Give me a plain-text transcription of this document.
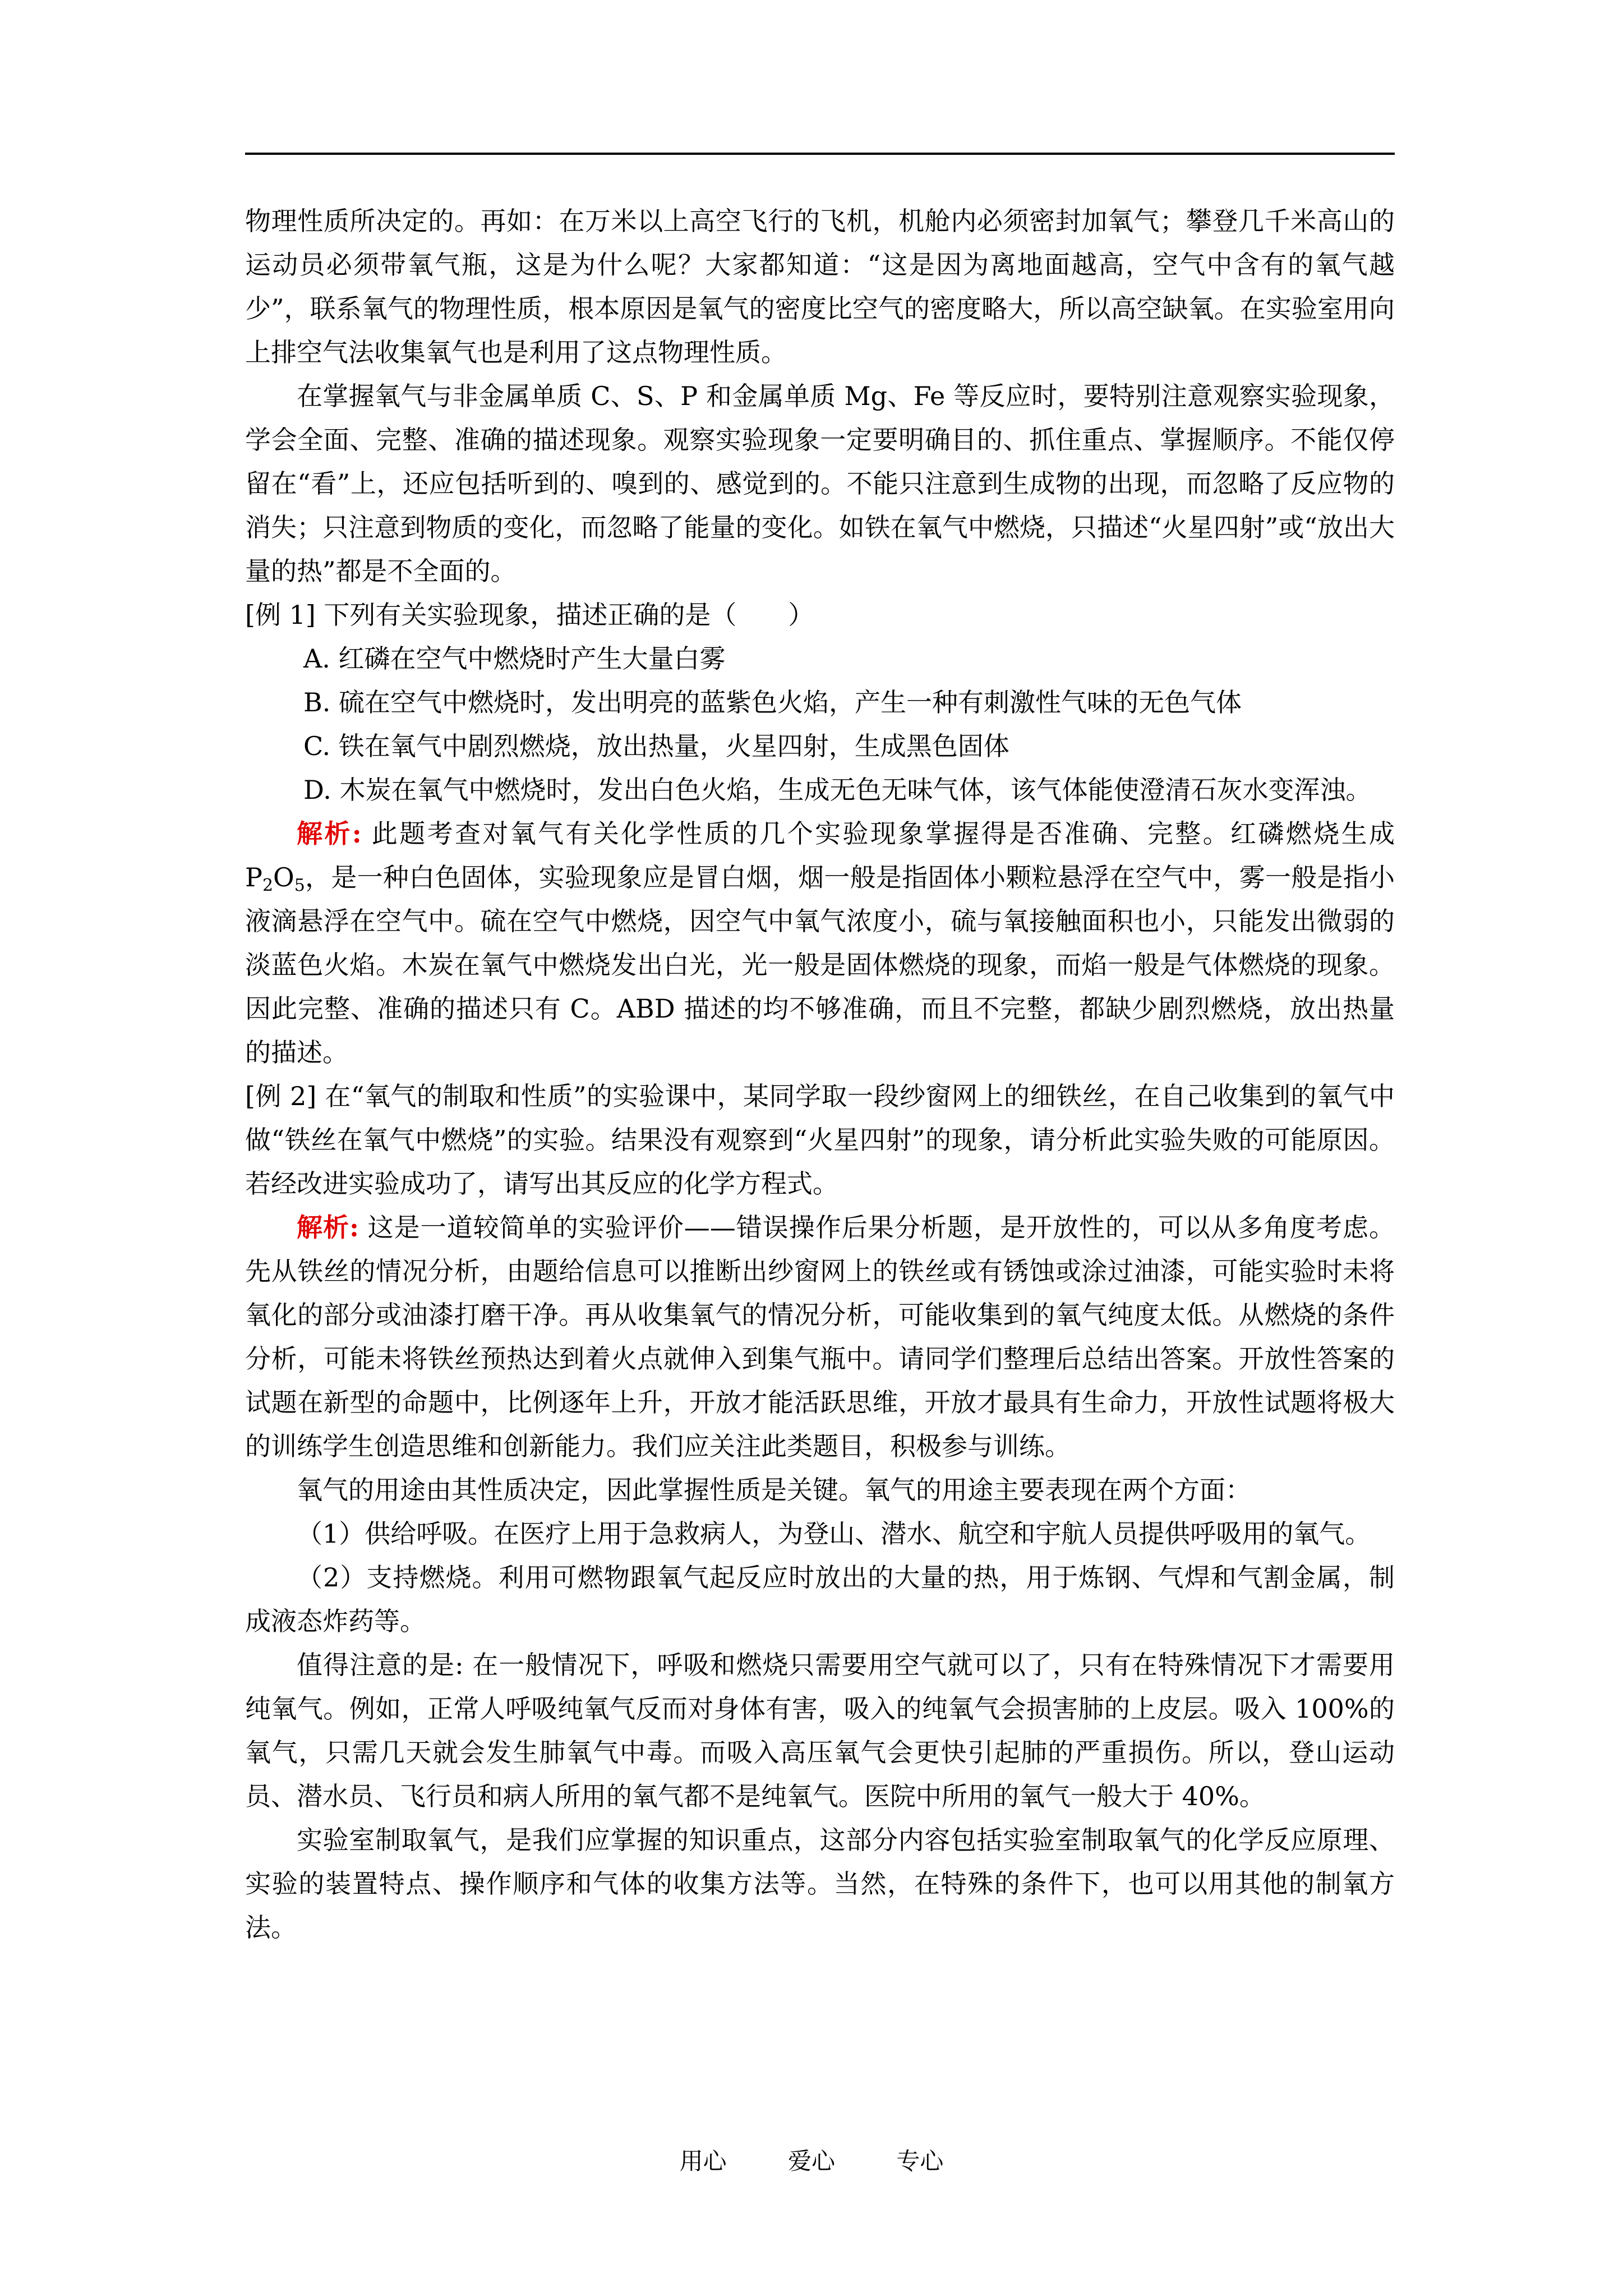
物理性质所决定的。再如：在万米以上高空飞行的飞机，机舱内必须密封加氧气；攀登几千米高山的运动员必须带氧气瓶，这是为什么呢？大家都知道：“这是因为离地面越高，空气中含有的氧气越少”，联系氧气的物理性质，根本原因是氧气的密度比空气的密度略大，所以高空缺氧。在实验室用向上排空气法收集氧气也是利用了这点物理性质。

在掌握氧气与非金属单质 C、S、P 和金属单质 Mg、Fe 等反应时，要特别注意观察实验现象，学会全面、完整、准确的描述现象。观察实验现象一定要明确目的、抓住重点、掌握顺序。不能仅停留在“看”上，还应包括听到的、嗅到的、感觉到的。不能只注意到生成物的出现，而忽略了反应物的消失；只注意到物质的变化，而忽略了能量的变化。如铁在氧气中燃烧，只描述“火星四射”或“放出大量的热”都是不全面的。

[例 1] 下列有关实验现象，描述正确的是（　　）

A. 红磷在空气中燃烧时产生大量白雾

B. 硫在空气中燃烧时，发出明亮的蓝紫色火焰，产生一种有刺激性气味的无色气体

C. 铁在氧气中剧烈燃烧，放出热量，火星四射，生成黑色固体

D. 木炭在氧气中燃烧时，发出白色火焰，生成无色无味气体，该气体能使澄清石灰水变浑浊。

解析: 此题考查对氧气有关化学性质的几个实验现象掌握得是否准确、完整。红磷燃烧生成 $P_2O_5$，是一种白色固体，实验现象应是冒白烟，烟一般是指固体小颗粒悬浮在空气中，雾一般是指小液滴悬浮在空气中。硫在空气中燃烧，因空气中氧气浓度小，硫与氧接触面积也小，只能发出微弱的淡蓝色火焰。木炭在氧气中燃烧发出白光，光一般是固体燃烧的现象，而焰一般是气体燃烧的现象。因此完整、准确的描述只有 C。ABD 描述的均不够准确，而且不完整，都缺少剧烈燃烧，放出热量的描述。

[例 2] 在“氧气的制取和性质”的实验课中，某同学取一段纱窗网上的细铁丝，在自己收集到的氧气中做“铁丝在氧气中燃烧”的实验。结果没有观察到“火星四射”的现象，请分析此实验失败的可能原因。若经改进实验成功了，请写出其反应的化学方程式。

解析: 这是一道较简单的实验评价——错误操作后果分析题，是开放性的，可以从多角度考虑。先从铁丝的情况分析，由题给信息可以推断出纱窗网上的铁丝或有锈蚀或涂过油漆，可能实验时未将氧化的部分或油漆打磨干净。再从收集氧气的情况分析，可能收集到的氧气纯度太低。从燃烧的条件分析，可能未将铁丝预热达到着火点就伸入到集气瓶中。请同学们整理后总结出答案。开放性答案的试题在新型的命题中，比例逐年上升，开放才能活跃思维，开放才最具有生命力，开放性试题将极大的训练学生创造思维和创新能力。我们应关注此类题目，积极参与训练。

氧气的用途由其性质决定，因此掌握性质是关键。氧气的用途主要表现在两个方面：

（1）供给呼吸。在医疗上用于急救病人，为登山、潜水、航空和宇航人员提供呼吸用的氧气。

（2）支持燃烧。利用可燃物跟氧气起反应时放出的大量的热，用于炼钢、气焊和气割金属，制成液态炸药等。

值得注意的是: 在一般情况下，呼吸和燃烧只需要用空气就可以了，只有在特殊情况下才需要用纯氧气。例如，正常人呼吸纯氧气反而对身体有害，吸入的纯氧气会损害肺的上皮层。吸入 100%的氧气，只需几天就会发生肺氧气中毒。而吸入高压氧气会更快引起肺的严重损伤。所以，登山运动员、潜水员、飞行员和病人所用的氧气都不是纯氧气。医院中所用的氧气一般大于 40%。

实验室制取氧气，是我们应掌握的知识重点，这部分内容包括实验室制取氧气的化学反应原理、实验的装置特点、操作顺序和气体的收集方法等。当然，在特殊的条件下，也可以用其他的制氧方法。

用心	爱心	专心
